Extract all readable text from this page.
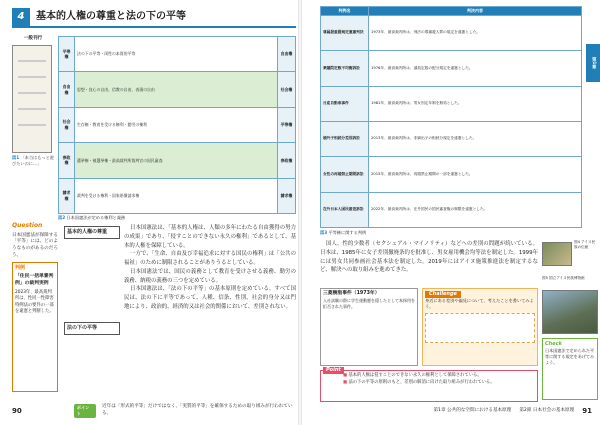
4	基本的人権の尊重と法の下の平等
一般刊行
図1 「本当はもっと遊びたいのに…」
平等権	法の下の平等・両性の本質的平等	自由権
自由権	思想・良心の自由、信教の自由、表現の自由	社会権
社会権	生存権・教育を受ける権利・勤労の権利	平等権
参政権	選挙権・被選挙権・最高裁判所裁判官の国民審査	参政権
請求権	裁判を受ける権利・国家賠償請求権	請求権
図2 日本国憲法が定める権利と義務
Question
日本国憲法が保障する「平等」には、どのようなものがあるのだろう。
判例
「住民一括単審判例」の裁判実例
2023年、最高裁判所は、性同一性障害特例法の要件の一部を違憲と判断した。
基本的人権の尊重
法の下の平等

日本国憲法は、「基本的人権は、人類の多年にわたる自由獲得の努力の成果」であり、「侵すことのできない永久の権利」であるとして、基本的人権を保障している。

一方で、「生命、自由及び幸福追求に対する国民の権利」は「公共の福祉」のために制限されることがありうるとしている。

日本国憲法では、国民の義務として教育を受けさせる義務、勤労の義務、納税の義務の三つを定めている。

日本国憲法は、「法の下の平等」の基本原則を定めている。すべて国民は、法の下に平等であって、人種、信条、性別、社会的身分又は門地により、政治的、経済的又は社会的関係において、差別されない。

90	ポイント
近年は「形式的平等」だけではなく、「実質的平等」を確保するための取り組みが行われている。
第1章
判例名	判決内容
尊属殺重罰規定違憲判決	1973年、最高裁判所は、刑法の尊属殺人罪の規定を違憲とした。
衆議院定数不均衡訴訟	1976年、最高裁判所は、議員定数の配分規定を違憲とした。
日産自動車事件	1981年、最高裁判所は、男女別定年制を無効とした。
婚外子相続分差別訴訟	2013年、最高裁判所は、非嫡出子の相続分規定を違憲とした。
女性の再婚禁止期間訴訟	2015年、最高裁判所は、再婚禁止期間の一部を違憲とした。
在外日本人国民審査訴訟	2022年、最高裁判所は、在外国民の国民審査権の制限を違憲とした。
図3 平等権に関する判例

国人、性的少数者（セクシュアル・マイノリティ）などへの差別の問題が続いている。日本は、1985年に女子差別撤廃条約を批准し、男女雇用機会均等法を制定した。1999年には男女共同参画社会基本法を制定した。2019年にはアイヌ施策推進法を制定するなど、解決への取り組みを進めてきた。

図4 アイヌ民族の伝統
図5 国立アイヌ民族博物館
Check
日本国憲法で定められた平等に関する規定をあげてみよう。
三菱樹脂事件（1973年）
入社試験の際に学生運動歴を隠したとして本採用を拒否された事件。
Challenge
身近にある差別や偏見について、考えたことを書いてみよう。
Point
■ 基本的人権は侵すことのできない永久の権利として保障されている。
■ 法の下の平等の原則のもと、差別の解消に向けた取り組みが行われている。
第1章 公共的な空間における基本原理 第2節 日本社会の基本原理 91
